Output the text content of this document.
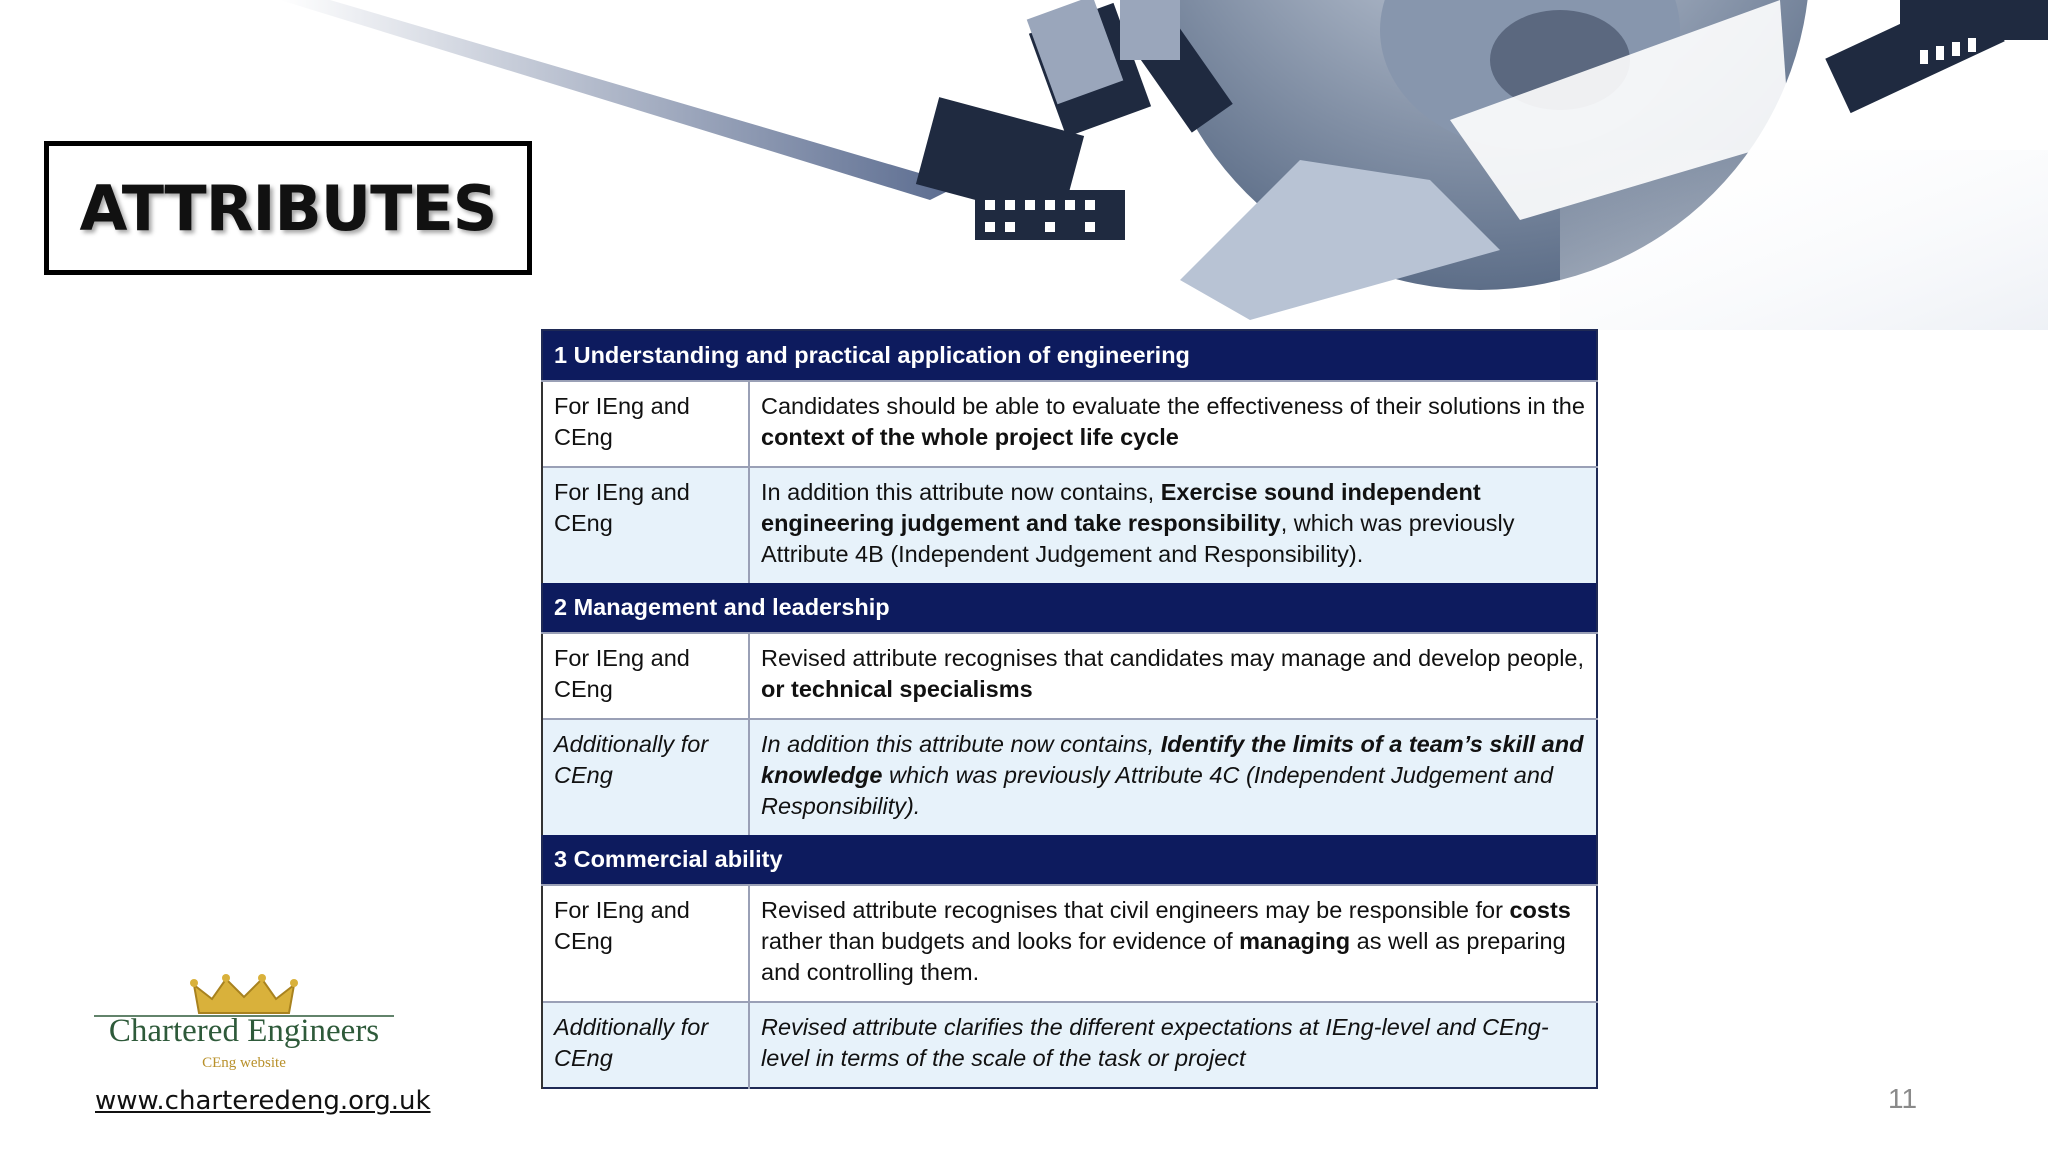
ATTRIBUTES
1 Understanding and practical application of engineering	
For IEng and CEng	Candidates should be able to evaluate the effectiveness of their solutions in the context of the whole project life cycle
For IEng and CEng	In addition this attribute now contains, Exercise sound independent engineering judgement and take responsibility, which was previously Attribute 4B (Independent Judgement and Responsibility).
2 Management and leadership	
For IEng and CEng	Revised attribute recognises that candidates may manage and develop people, or technical specialisms
Additionally for CEng	In addition this attribute now contains, Identify the limits of a team’s skill and knowledge which was previously Attribute 4C (Independent Judgement and Responsibility).
3 Commercial ability	
For IEng and CEng	Revised attribute recognises that civil engineers may be responsible for costs rather than budgets and looks for evidence of managing as well as preparing and controlling them.
Additionally for CEng	Revised attribute clarifies the different expectations at IEng-level and CEng-level in terms of the scale of the task or project
Chartered Engineers
CEng website
www.charteredeng.org.uk	11
